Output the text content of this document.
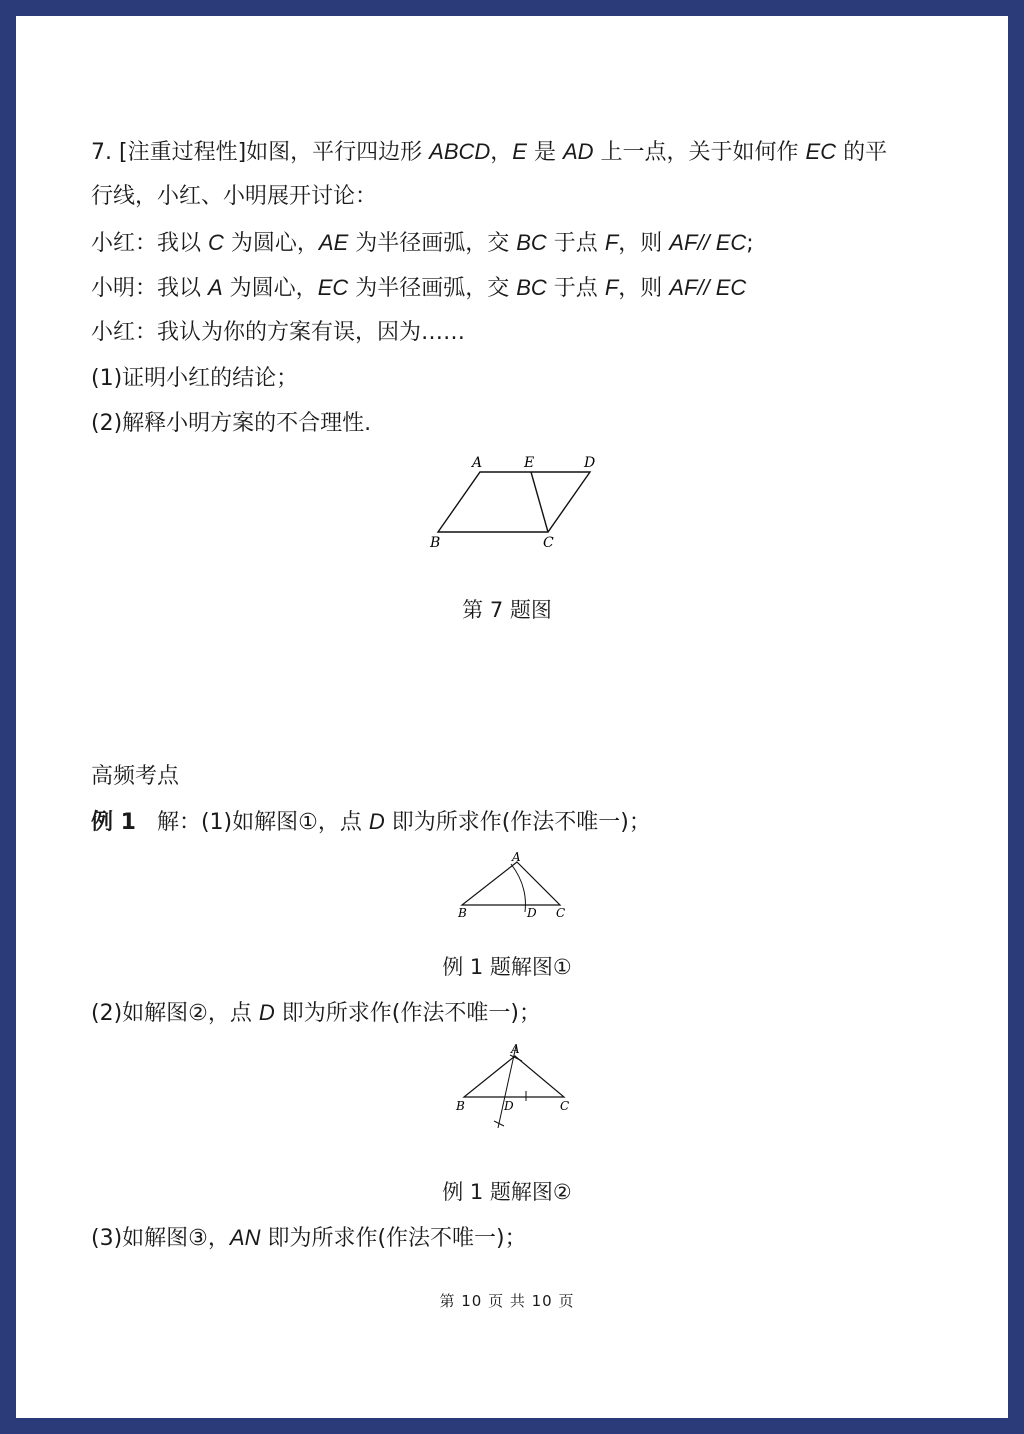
7. [注重过程性]如图，平行四边形 ABCD，E 是 AD 上一点，关于如何作 EC 的平
行线，小红、小明展开讨论：
小红：我以 C 为圆心，AE 为半径画弧，交 BC 于点 F，则 AF// EC;
小明：我以 A 为圆心，EC 为半径画弧，交 BC 于点 F，则 AF// EC
小红：我认为你的方案有误，因为……
(1)证明小红的结论；
(2)解释小明方案的不合理性.
A	E	D
B	C
第 7 题图
高频考点
例 1 解：(1)如解图①，点 D 即为所求作(作法不唯一)；
A
B	D C
例 1 题解图①
(2)如解图②，点 D 即为所求作(作法不唯一)；
A
B	D	C
例 1 题解图②
(3)如解图③，AN 即为所求作(作法不唯一)；
第 10 页 共 10 页
